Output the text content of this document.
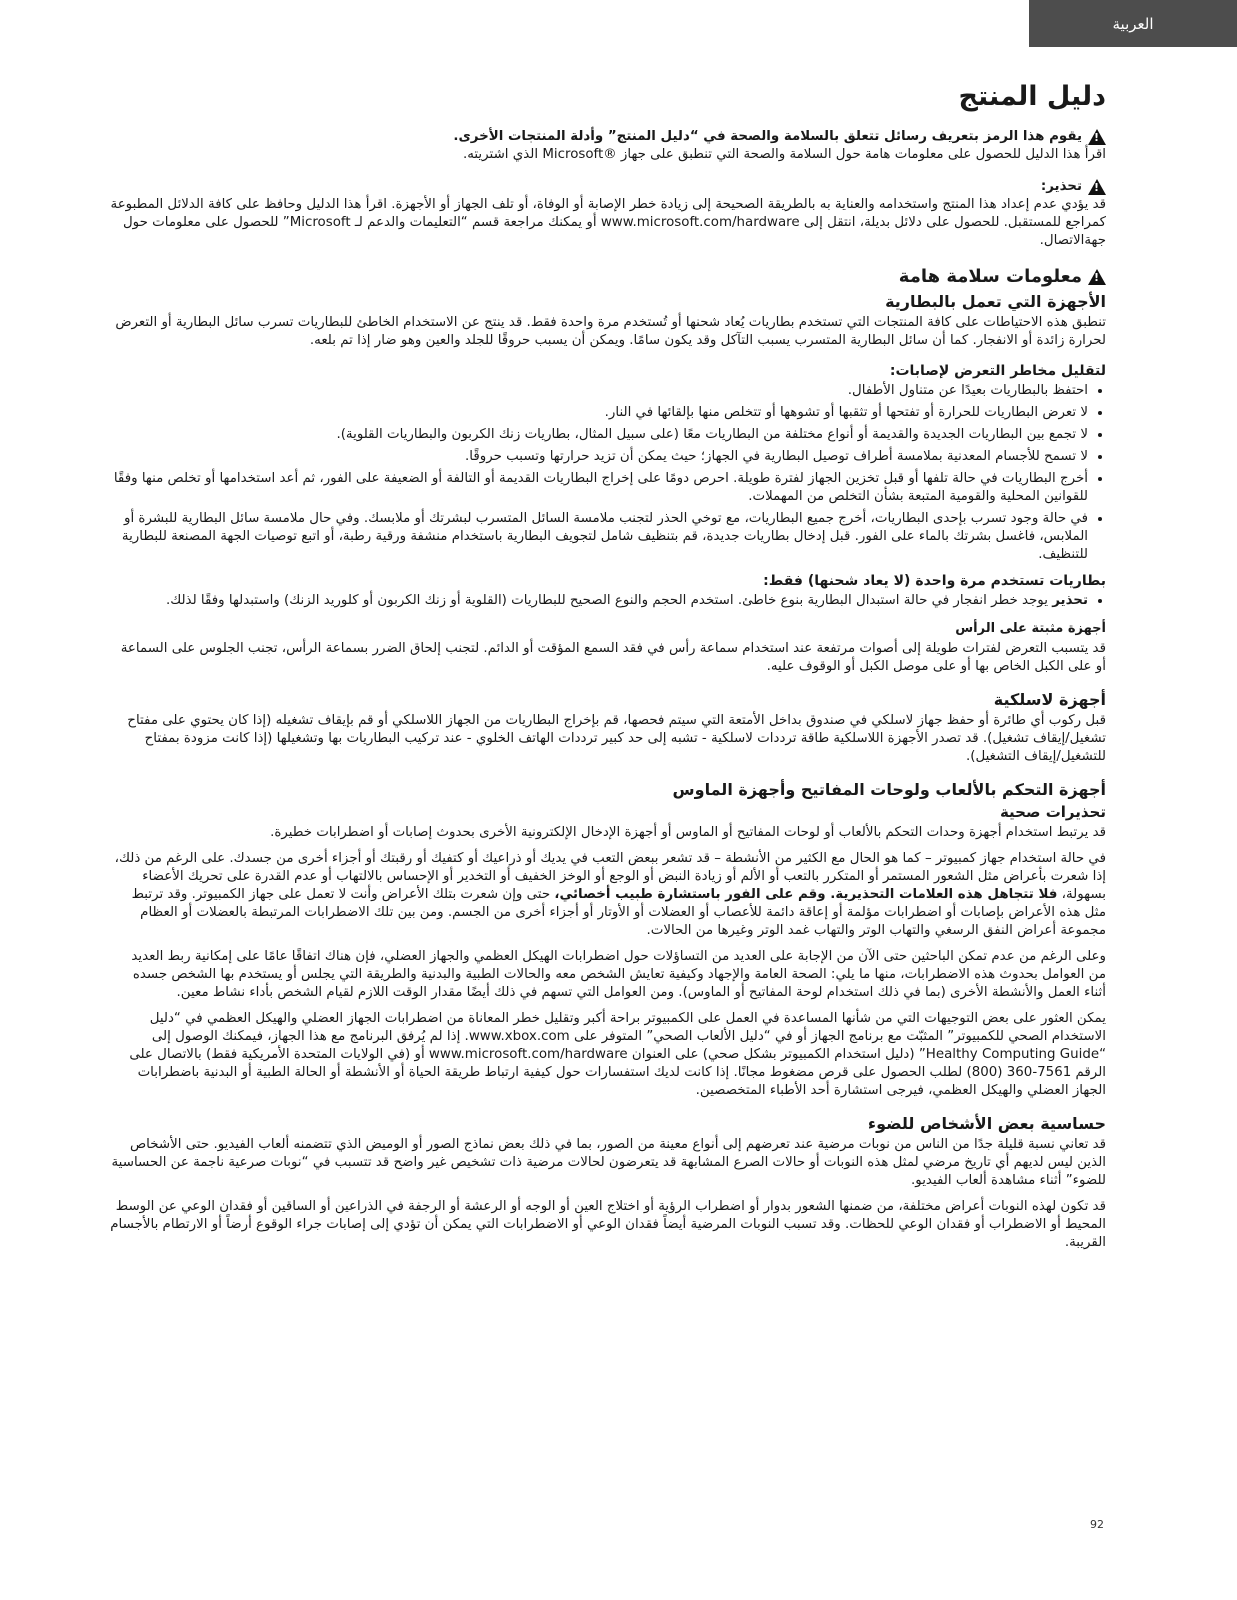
العربية
دليل المنتج
!
يقوم هذا الرمز بتعريف رسائل تتعلق بالسلامة والصحة في “دليل المنتج” وأدلة المنتجات الأخرى.

اقرأ هذا الدليل للحصول على معلومات هامة حول السلامة والصحة التي تنطبق على جهاز ®Microsoft الذي اشتريته.

!
تحذير:

قد يؤدي عدم إعداد هذا المنتج واستخدامه والعناية به بالطريقة الصحيحة إلى زيادة خطر الإصابة أو الوفاة، أو تلف الجهاز أو الأجهزة. اقرأ هذا الدليل وحافظ على كافة الدلائل المطبوعة كمراجع للمستقبل. للحصول على دلائل بديلة، انتقل إلى www.microsoft.com/hardware أو يمكنك مراجعة قسم “التعليمات والدعم لـ Microsoft” للحصول على معلومات حول جهةالاتصال.

!
معلومات سلامة هامة
الأجهزة التي تعمل بالبطارية

تنطبق هذه الاحتياطات على كافة المنتجات التي تستخدم بطاريات يُعاد شحنها أو تُستخدم مرة واحدة فقط. قد ينتج عن الاستخدام الخاطئ للبطاريات تسرب سائل البطارية أو التعرض لحرارة زائدة أو الانفجار. كما أن سائل البطارية المتسرب يسبب التآكل وقد يكون سامًا. ويمكن أن يسبب حروقًا للجلد والعين وهو ضار إذا تم بلعه.

لتقليل مخاطر التعرض لإصابات:
• احتفظ بالبطاريات بعيدًا عن متناول الأطفال.
• لا تعرض البطاريات للحرارة أو تفتحها أو تثقبها أو تشوهها أو تتخلص منها بإلقائها في النار.
• لا تجمع بين البطاريات الجديدة والقديمة أو أنواع مختلفة من البطاريات معًا (على سبيل المثال، بطاريات زنك الكربون والبطاريات القلوية).
• لا تسمح للأجسام المعدنية بملامسة أطراف توصيل البطارية في الجهاز؛ حيث يمكن أن تزيد حرارتها وتسبب حروقًا.
• أخرج البطاريات في حالة تلفها أو قبل تخزين الجهاز لفترة طويلة. احرص دومًا على إخراج البطاريات القديمة أو التالفة أو الضعيفة على الفور، ثم أعد استخدامها أو تخلص منها وفقًا للقوانين المحلية والقومية المتبعة بشأن التخلص من المهملات.
• في حالة وجود تسرب بإحدى البطاريات، أخرج جميع البطاريات، مع توخي الحذر لتجنب ملامسة السائل المتسرب لبشرتك أو ملابسك. وفي حال ملامسة سائل البطارية للبشرة أو الملابس، فاغسل بشرتك بالماء على الفور. قبل إدخال بطاريات جديدة، قم بتنظيف شامل لتجويف البطارية باستخدام منشفة ورقية رطبة، أو اتبع توصيات الجهة المصنعة للبطارية للتنظيف.
بطاريات تستخدم مرة واحدة (لا يعاد شحنها) فقط:
• تحذير يوجد خطر انفجار في حالة استبدال البطارية بنوع خاطئ. استخدم الحجم والنوع الصحيح للبطاريات (القلوية أو زنك الكربون أو كلوريد الزنك) واستبدلها وفقًا لذلك.
أجهزة مثبتة على الرأس

قد يتسبب التعرض لفترات طويلة إلى أصوات مرتفعة عند استخدام سماعة رأس في فقد السمع المؤقت أو الدائم. لتجنب إلحاق الضرر بسماعة الرأس، تجنب الجلوس على السماعة أو على الكبل الخاص بها أو على موصل الكبل أو الوقوف عليه.

أجهزة لاسلكية

قبل ركوب أي طائرة أو حفظ جهاز لاسلكي في صندوق بداخل الأمتعة التي سيتم فحصها، قم بإخراج البطاريات من الجهاز اللاسلكي أو قم بإيقاف تشغيله (إذا كان يحتوي على مفتاح تشغيل/إيقاف تشغيل). قد تصدر الأجهزة اللاسلكية طاقة ترددات لاسلكية - تشبه إلى حد كبير ترددات الهاتف الخلوي - عند تركيب البطاريات بها وتشغيلها (إذا كانت مزودة بمفتاح للتشغيل/إيقاف التشغيل).

أجهزة التحكم بالألعاب ولوحات المفاتيح وأجهزة الماوس
تحذيرات صحية

قد يرتبط استخدام أجهزة وحدات التحكم بالألعاب أو لوحات المفاتيح أو الماوس أو أجهزة الإدخال الإلكترونية الأخرى بحدوث إصابات أو اضطرابات خطيرة.

في حالة استخدام جهاز كمبيوتر – كما هو الحال مع الكثير من الأنشطة – قد تشعر ببعض التعب في يديك أو ذراعيك أو كتفيك أو رقبتك أو أجزاء أخرى من جسدك. على الرغم من ذلك، إذا شعرت بأعراض مثل الشعور المستمر أو المتكرر بالتعب أو الألم أو زيادة النبض أو الوجع أو الوخز الخفيف أو التخدير أو الإحساس بالالتهاب أو عدم القدرة على تحريك الأعضاء بسهولة، فلا تتجاهل هذه العلامات التحذيرية. وقم على الفور باستشارة طبيب أخصائي، حتى وإن شعرت بتلك الأعراض وأنت لا تعمل على جهاز الكمبيوتر. وقد ترتبط مثل هذه الأعراض بإصابات أو اضطرابات مؤلمة أو إعاقة دائمة للأعصاب أو العضلات أو الأوتار أو أجزاء أخرى من الجسم. ومن بين تلك الاضطرابات المرتبطة بالعضلات أو العظام مجموعة أعراض النفق الرسغي والتهاب الوتر والتهاب غمد الوتر وغيرها من الحالات.

وعلى الرغم من عدم تمكن الباحثين حتى الآن من الإجابة على العديد من التساؤلات حول اضطرابات الهيكل العظمي والجهاز العضلي، فإن هناك اتفاقًا عامًا على إمكانية ربط العديد من العوامل بحدوث هذه الاضطرابات، منها ما يلي: الصحة العامة والإجهاد وكيفية تعايش الشخص معه والحالات الطبية والبدنية والطريقة التي يجلس أو يستخدم بها الشخص جسده أثناء العمل والأنشطة الأخرى (بما في ذلك استخدام لوحة المفاتيح أو الماوس). ومن العوامل التي تسهم في ذلك أيضًا مقدار الوقت اللازم لقيام الشخص بأداء نشاط معين.

يمكن العثور على بعض التوجيهات التي من شأنها المساعدة في العمل على الكمبيوتر براحة أكبر وتقليل خطر المعاناة من اضطرابات الجهاز العضلي والهيكل العظمي في “دليل الاستخدام الصحي للكمبيوتر” المثبّت مع برنامج الجهاز أو في “دليل الألعاب الصحي” المتوفر على www.xbox.com. إذا لم يُرفق البرنامج مع هذا الجهاز، فيمكنك الوصول إلى “Healthy Computing Guide” (دليل استخدام الكمبيوتر بشكل صحي) على العنوان www.microsoft.com/hardware أو (في الولايات المتحدة الأمريكية فقط) بالاتصال على الرقم 7561-360 (800) لطلب الحصول على قرص مضغوط مجانًا. إذا كانت لديك استفسارات حول كيفية ارتباط طريقة الحياة أو الأنشطة أو الحالة الطبية أو البدنية باضطرابات الجهاز العضلي والهيكل العظمي، فيرجى استشارة أحد الأطباء المتخصصين.

حساسية بعض الأشخاص للضوء

قد تعاني نسبة قليلة جدًا من الناس من نوبات مرضية عند تعرضهم إلى أنواع معينة من الصور، بما في ذلك بعض نماذج الصور أو الوميض الذي تتضمنه ألعاب الفيديو. حتى الأشخاص الذين ليس لديهم أي تاريخ مرضي لمثل هذه النوبات أو حالات الصرع المشابهة قد يتعرضون لحالات مرضية ذات تشخيص غير واضح قد تتسبب في “نوبات صرعية ناجمة عن الحساسية للضوء” أثناء مشاهدة ألعاب الفيديو.

قد تكون لهذه النوبات أعراض مختلفة، من ضمنها الشعور بدوار أو اضطراب الرؤية أو اختلاج العين أو الوجه أو الرعشة أو الرجفة في الذراعين أو الساقين أو فقدان الوعي عن الوسط المحيط أو الاضطراب أو فقدان الوعي للحظات. وقد تسبب النوبات المرضية أيضاً فقدان الوعي أو الاضطرابات التي يمكن أن تؤدي إلى إصابات جراء الوقوع أرضاً أو الارتطام بالأجسام القريبة.

92
